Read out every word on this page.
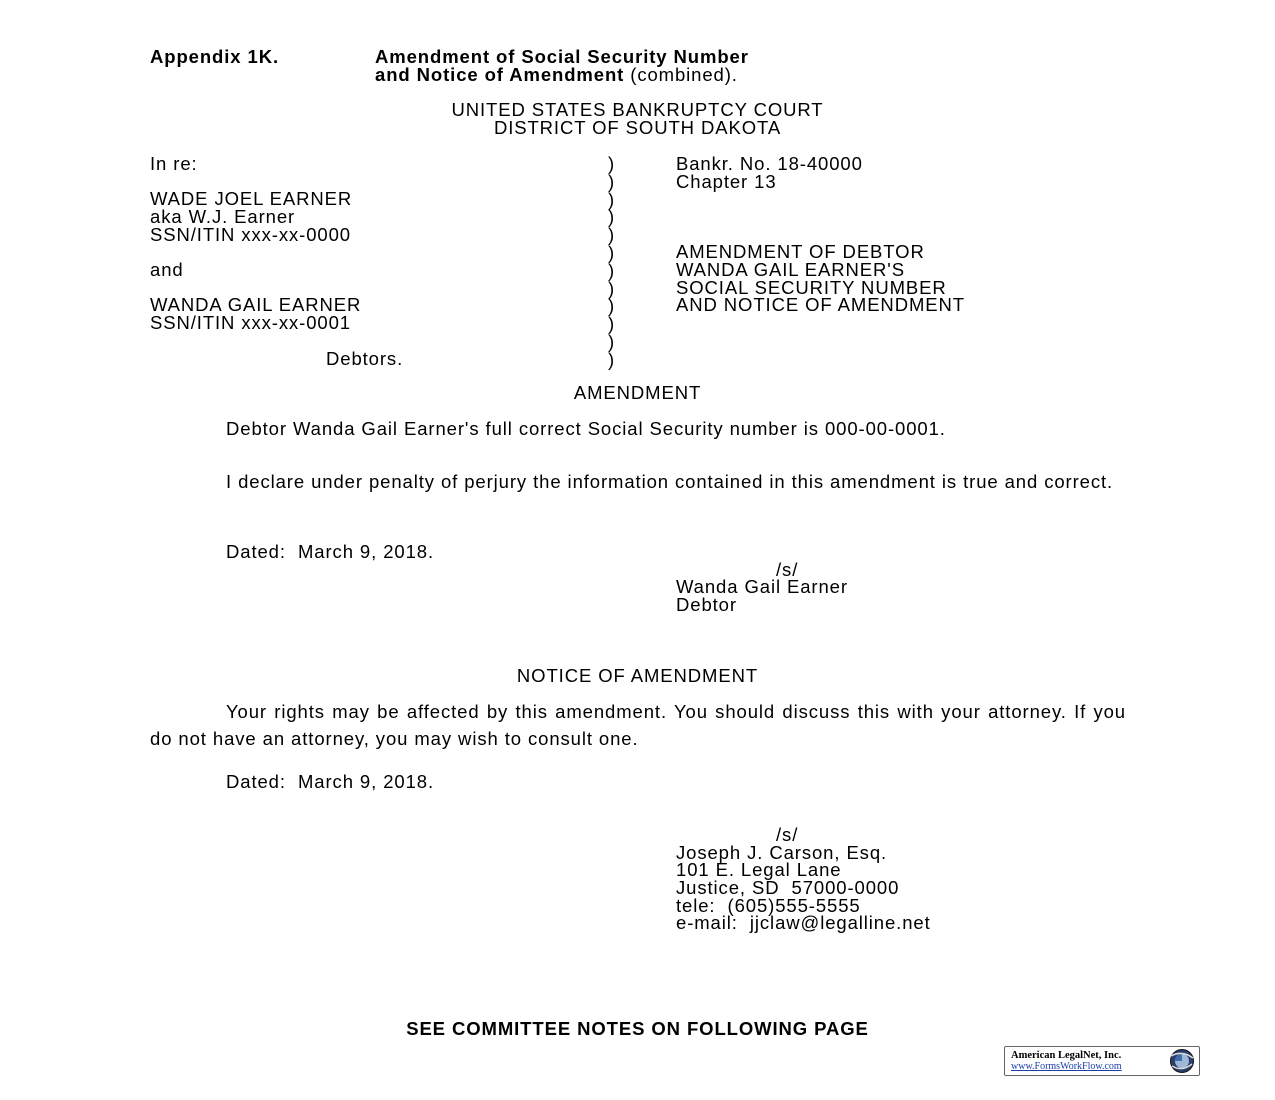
Appendix 1K.	Amendment of Social Security Number
and Notice of Amendment (combined).
UNITED STATES BANKRUPTCY COURT
DISTRICT OF SOUTH DAKOTA
In re:
WADE JOEL EARNER
aka W.J. Earner
SSN/ITIN xxx-xx-0000
and
WANDA GAIL EARNER
SSN/ITIN xxx-xx-0001
Debtors.
)
)
)
)
)
)
)
)
)
)
)
)
Bankr. No. 18-40000
Chapter 13
AMENDMENT OF DEBTOR
WANDA GAIL EARNER'S
SOCIAL SECURITY NUMBER
AND NOTICE OF AMENDMENT
AMENDMENT
Debtor Wanda Gail Earner's full correct Social Security number is 000-00-0001.
I declare under penalty of perjury the information contained in this amendment is true and correct.
Dated:  March 9, 2018.
/s/
Wanda Gail Earner
Debtor
NOTICE OF AMENDMENT
Your rights may be affected by this amendment. You should discuss this with your attorney. If you do not have an attorney, you may wish to consult one.
Dated:  March 9, 2018.
/s/
Joseph J. Carson, Esq.
101 E. Legal Lane
Justice, SD  57000-0000
tele:  (605)555-5555
e-mail:  jjclaw@legalline.net
SEE COMMITTEE NOTES ON FOLLOWING PAGE
American LegalNet, Inc.
www.FormsWorkFlow.com
